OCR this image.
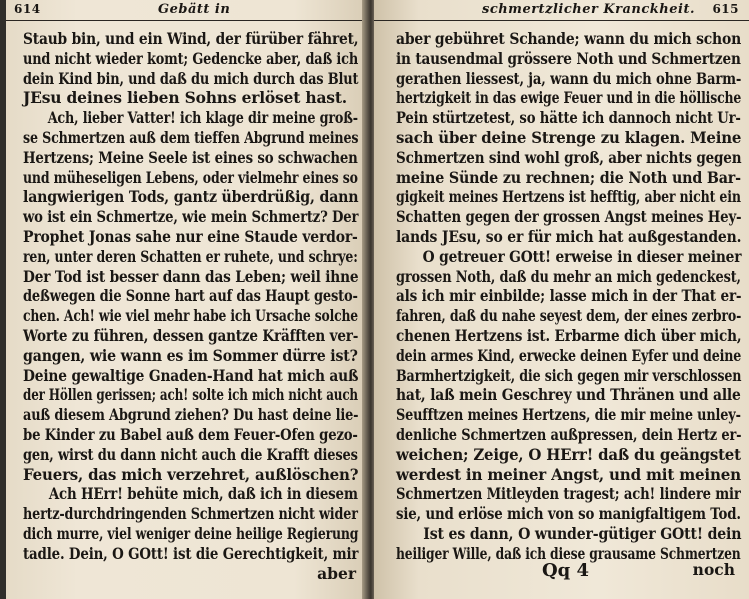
614	Gebätt in
Staub bin, und ein Wind, der fürüber fähret,
und nicht wieder komt; Gedencke aber, daß ich
dein Kind bin, und daß du mich durch das Blut
JEsu deines lieben Sohns erlöset hast.
Ach, lieber Vatter! ich klage dir meine groß-
se Schmertzen auß dem tieffen Abgrund meines
Hertzens; Meine Seele ist eines so schwachen
und müheseligen Lebens, oder vielmehr eines so
langwierigen Tods, gantz überdrüßig, dann
wo ist ein Schmertze, wie mein Schmertz? Der
Prophet Jonas sahe nur eine Staude verdor-
ren, unter deren Schatten er ruhete, und schrye:
Der Tod ist besser dann das Leben; weil ihne
deßwegen die Sonne hart auf das Haupt gesto-
chen. Ach! wie viel mehr habe ich Ursache solche
Worte zu führen, dessen gantze Kräfften ver-
gangen, wie wann es im Sommer dürre ist?
Deine gewaltige Gnaden-Hand hat mich auß
der Höllen gerissen; ach! solte ich mich nicht auch
auß diesem Abgrund ziehen? Du hast deine lie-
be Kinder zu Babel auß dem Feuer-Ofen gezo-
gen, wirst du dann nicht auch die Krafft dieses
Feuers, das mich verzehret, außlöschen?
Ach HErr! behüte mich, daß ich in diesem
hertz-durchdringenden Schmertzen nicht wider
dich murre, viel weniger deine heilige Regierung
tadle. Dein, O GOtt! ist die Gerechtigkeit, mir
aber
schmertzlicher Kranckheit. 615
aber gebühret Schande; wann du mich schon
in tausendmal grössere Noth und Schmertzen
gerathen liessest, ja, wann du mich ohne Barm-
hertzigkeit in das ewige Feuer und in die höllische
Pein stürtzetest, so hätte ich dannoch nicht Ur-
sach über deine Strenge zu klagen. Meine
Schmertzen sind wohl groß, aber nichts gegen
meine Sünde zu rechnen; die Noth und Bar-
gigkeit meines Hertzens ist hefftig, aber nicht ein
Schatten gegen der grossen Angst meines Hey-
lands JEsu, so er für mich hat außgestanden.
O getreuer GOtt! erweise in dieser meiner
grossen Noth, daß du mehr an mich gedenckest,
als ich mir einbilde; lasse mich in der That er-
fahren, daß du nahe seyest dem, der eines zerbro-
chenen Hertzens ist. Erbarme dich über mich,
dein armes Kind, erwecke deinen Eyfer und deine
Barmhertzigkeit, die sich gegen mir verschlossen
hat, laß mein Geschrey und Thränen und alle
Seufftzen meines Hertzens, die mir meine unley-
denliche Schmertzen außpressen, dein Hertz er-
weichen; Zeige, O HErr! daß du geängstet
werdest in meiner Angst, und mit meinen
Schmertzen Mitleyden tragest; ach! lindere mir
sie, und erlöse mich von so manigfaltigem Tod.
Ist es dann, O wunder-gütiger GOtt! dein
heiliger Wille, daß ich diese grausame Schmertzen
Qq 4	noch
